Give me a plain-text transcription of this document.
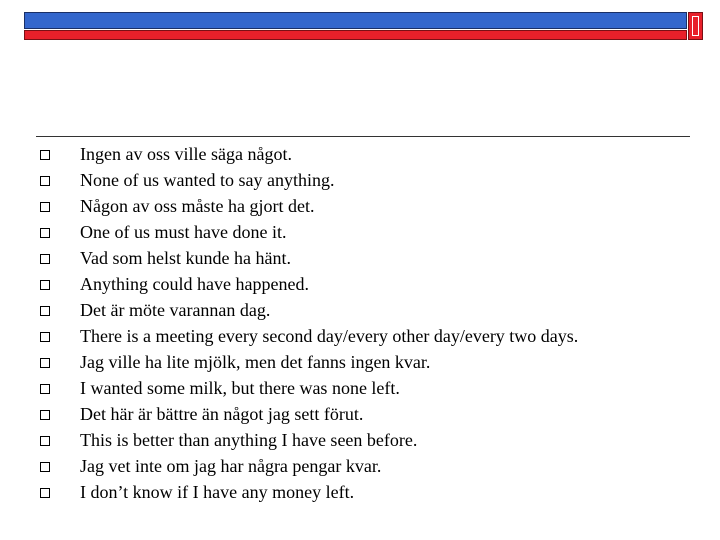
Ingen av oss ville säga något.
None of us wanted to say anything.
Någon av oss måste ha gjort det.
One of us must have done it.
Vad som helst kunde ha hänt.
Anything could have happened.
Det är möte varannan dag.
There is a meeting every second day/every other day/every two days.
Jag ville ha lite mjölk, men det fanns ingen kvar.
I wanted some milk, but there was none left.
Det här är bättre än något jag sett förut.
This is better than anything I have seen before.
Jag vet inte om jag har några pengar kvar.
I don’t know if I have any money left.
